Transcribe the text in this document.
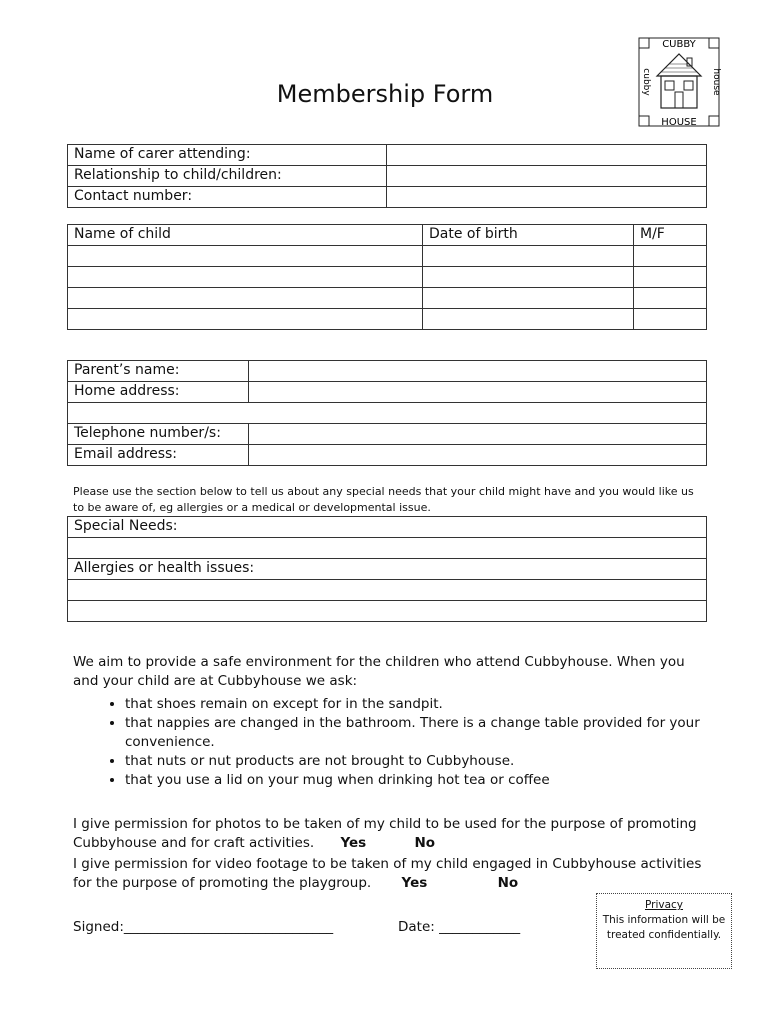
CUBBY
HOUSE
cubby	house
Membership Form
Name of carer attending:	
Relationship to child/children:	
Contact number:	
Name of child	Date of birth	M/F

Parent’s name:	
Home address:	

Telephone number/s:	
Email address:	
Please use the section below to tell us about any special needs that your child might have and you would like us to be aware of, eg allergies or a medical or developmental issue.
Special Needs:

Allergies or health issues:

We aim to provide a safe environment for the children who attend Cubbyhouse. When you and your child are at Cubbyhouse we ask:
• that shoes remain on except for in the sandpit.
• that nappies are changed in the bathroom. There is a change table provided for your convenience.
• that nuts or nut products are not brought to Cubbyhouse.
• that you use a lid on your mug when drinking hot tea or coffee
I give permission for photos to be taken of my child to be used for the purpose of promoting Cubbyhouse and for craft activities. Yes	No
I give permission for video footage to be taken of my child engaged in Cubbyhouse activities for the purpose of promoting the playgroup. Yes	No
Signed:_______________________________	Date: ____________
Privacy
This information will be treated confidentially.
